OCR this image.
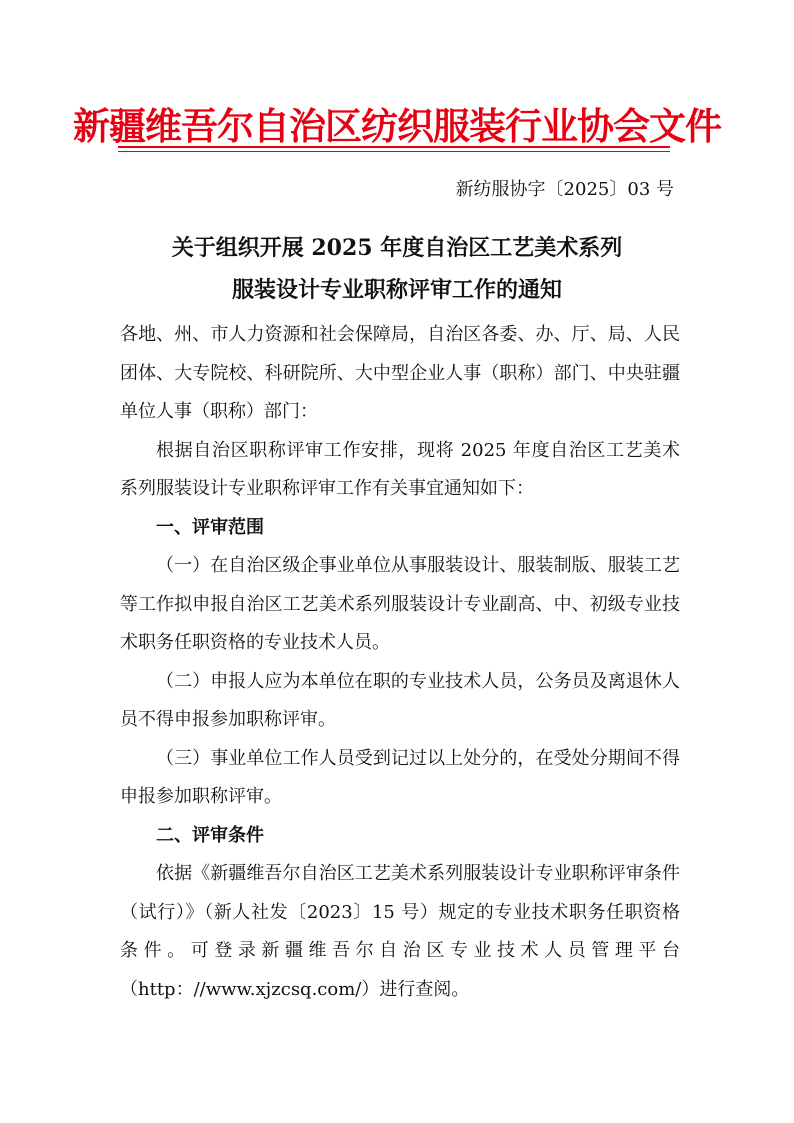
新疆维吾尔自治区纺织服装行业协会文件
新纺服协字〔2025〕03 号
关于组织开展 2025 年度自治区工艺美术系列
服装设计专业职称评审工作的通知

各地、州、市人力资源和社会保障局，自治区各委、办、厅、局、人民团体、大专院校、科研院所、大中型企业人事（职称）部门、中央驻疆单位人事（职称）部门：

根据自治区职称评审工作安排，现将 2025 年度自治区工艺美术系列服装设计专业职称评审工作有关事宜通知如下：

一、评审范围

（一）在自治区级企事业单位从事服装设计、服装制版、服装工艺等工作拟申报自治区工艺美术系列服装设计专业副高、中、初级专业技术职务任职资格的专业技术人员。

（二）申报人应为本单位在职的专业技术人员，公务员及离退休人员不得申报参加职称评审。

（三）事业单位工作人员受到记过以上处分的，在受处分期间不得申报参加职称评审。

二、评审条件

依据《新疆维吾尔自治区工艺美术系列服装设计专业职称评审条件（试行）》（新人社发〔2023〕15 号）规定的专业技术职务任职资格条件。可登录新疆维吾尔自治区专业技术人员管理平台（http：//www.xjzcsq.com/）进行查阅。
